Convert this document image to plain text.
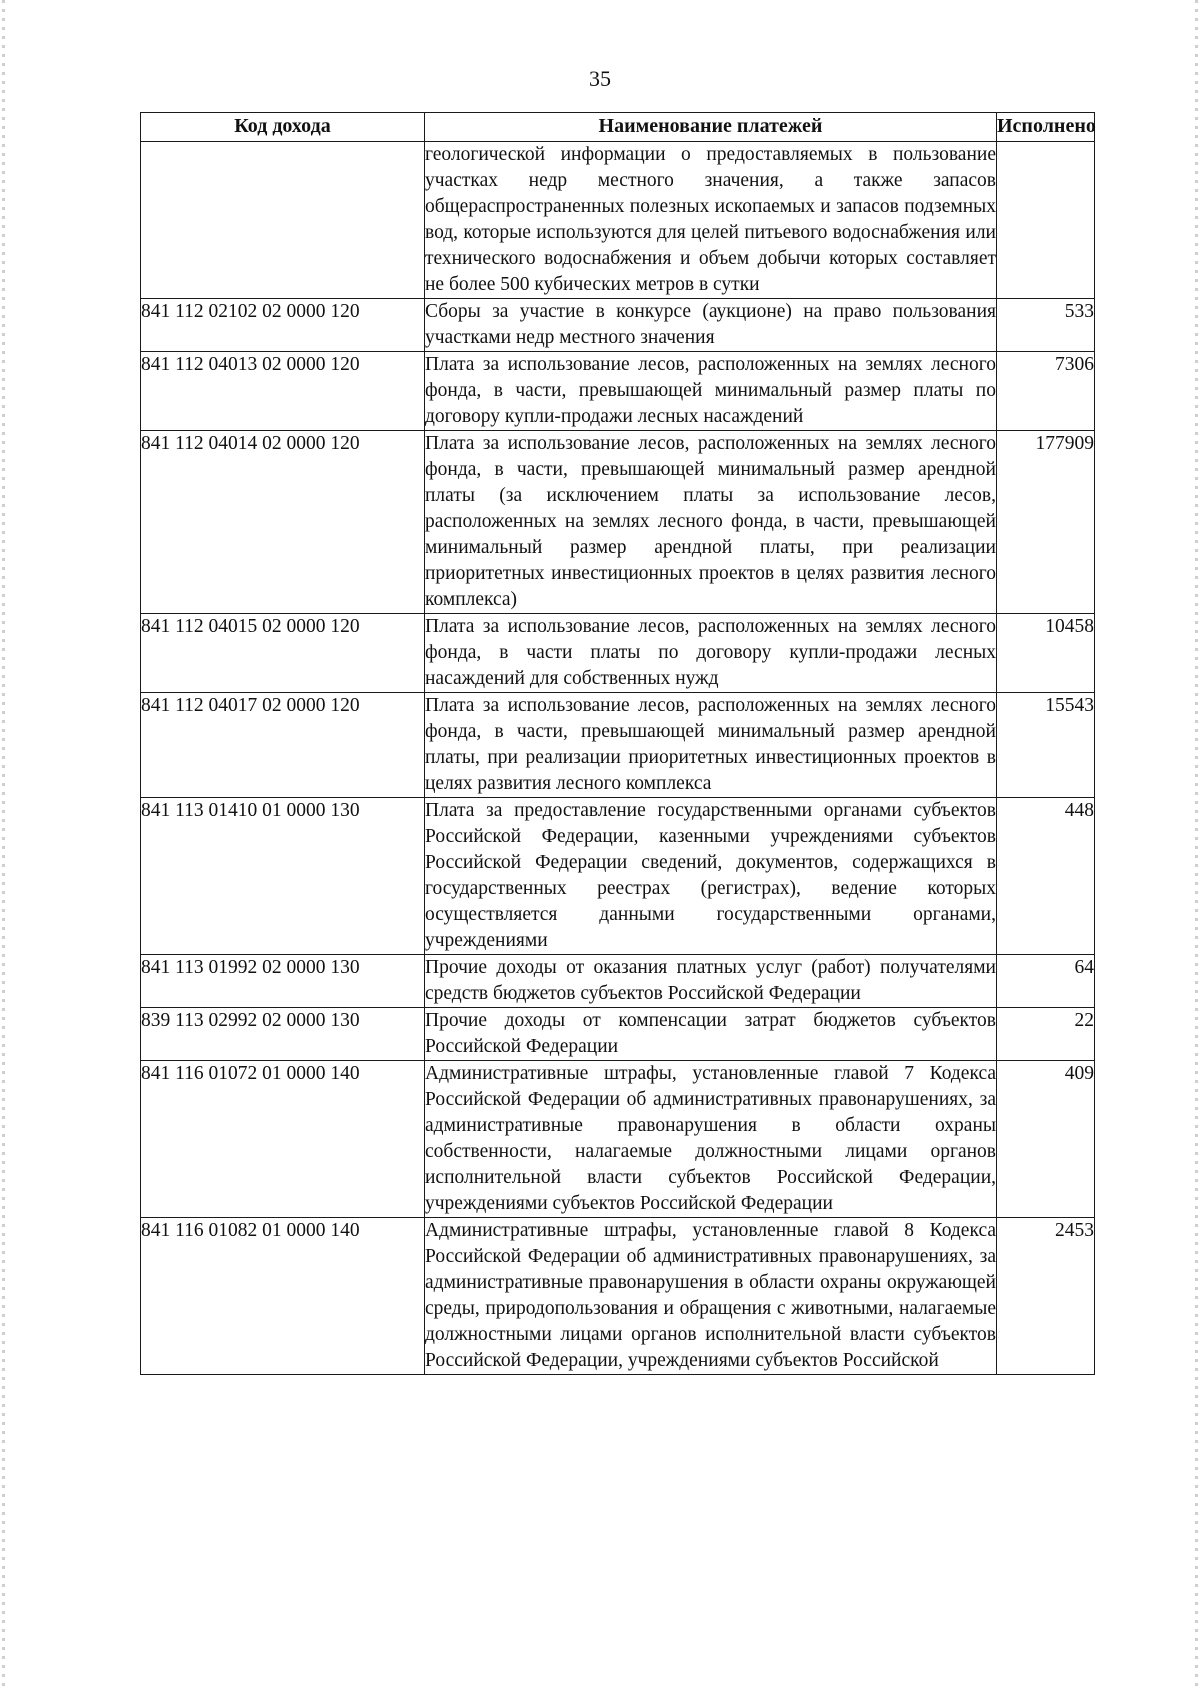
35
Код дохода	Наименование платежей	Исполнено

	геологической информации о предоставляемых в пользование участках недр местного значения, а также запасов общераспространенных полезных ископаемых и запасов подземных вод, которые используются для целей питьевого водоснабжения или технического водоснабжения и объем добычи которых составляет не более 500 кубических метров в сутки	

841 112 02102 02 0000 120	Сборы за участие в конкурсе (аукционе) на право пользования участками недр местного значения	533
841 112 04013 02 0000 120	Плата за использование лесов, расположенных на землях лесного фонда, в части, превышающей минимальный размер платы по договору купли-продажи лесных насаждений	7306
841 112 04014 02 0000 120	Плата за использование лесов, расположенных на землях лесного фонда, в части, превышающей минимальный размер арендной платы (за исключением платы за использование лесов, расположенных на землях лесного фонда, в части, превышающей минимальный размер арендной платы, при реализации приоритетных инвестиционных проектов в целях развития лесного комплекса)	177909
841 112 04015 02 0000 120	Плата за использование лесов, расположенных на землях лесного фонда, в части платы по договору купли-продажи лесных насаждений для собственных нужд	10458
841 112 04017 02 0000 120	Плата за использование лесов, расположенных на землях лесного фонда, в части, превышающей минимальный размер арендной платы, при реализации приоритетных инвестиционных проектов в целях развития лесного комплекса	15543
841 113 01410 01 0000 130	Плата за предоставление государственными органами субъектов Российской Федерации, казенными учреждениями субъектов Российской Федерации сведений, документов, содержащихся в государственных реестрах (регистрах), ведение которых осуществляется данными государственными органами, учреждениями	448
841 113 01992 02 0000 130	Прочие доходы от оказания платных услуг (работ) получателями средств бюджетов субъектов Российской Федерации	64
839 113 02992 02 0000 130	Прочие доходы от компенсации затрат бюджетов субъектов Российской Федерации	22
841 116 01072 01 0000 140	Административные штрафы, установленные главой 7 Кодекса Российской Федерации об административных правонарушениях, за административные правонарушения в области охраны собственности, налагаемые должностными лицами органов исполнительной власти субъектов Российской Федерации, учреждениями субъектов Российской Федерации	409
841 116 01082 01 0000 140	Административные штрафы, установленные главой 8 Кодекса Российской Федерации об административных правонарушениях, за административные правонарушения в области охраны окружающей среды, природопользования и обращения с животными, налагаемые должностными лицами органов исполнительной власти субъектов Российской Федерации, учреждениями субъектов Российской	2453
